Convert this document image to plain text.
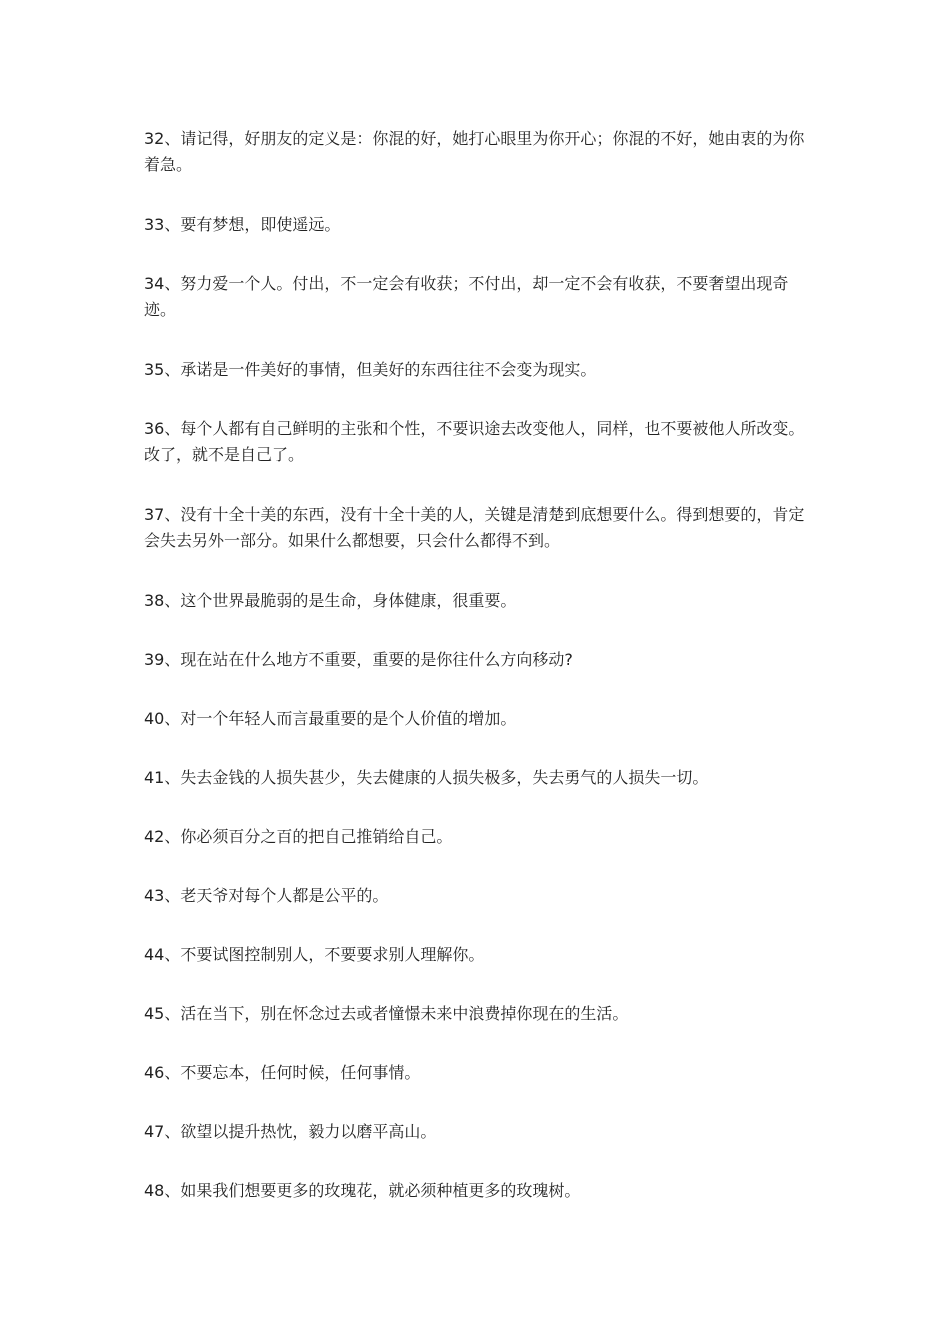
32、请记得，好朋友的定义是：你混的好，她打心眼里为你开心；你混的不好，她由衷的为你着急。
33、要有梦想，即使遥远。
34、努力爱一个人。付出，不一定会有收获；不付出，却一定不会有收获，不要奢望出现奇迹。
35、承诺是一件美好的事情，但美好的东西往往不会变为现实。
36、每个人都有自己鲜明的主张和个性，不要识途去改变他人，同样，也不要被他人所改变。改了，就不是自己了。
37、没有十全十美的东西，没有十全十美的人，关键是清楚到底想要什么。得到想要的，肯定会失去另外一部分。如果什么都想要，只会什么都得不到。
38、这个世界最脆弱的是生命，身体健康，很重要。
39、现在站在什么地方不重要，重要的是你往什么方向移动?
40、对一个年轻人而言最重要的是个人价值的增加。
41、失去金钱的人损失甚少，失去健康的人损失极多，失去勇气的人损失一切。
42、你必须百分之百的把自己推销给自己。
43、老天爷对每个人都是公平的。
44、不要试图控制别人，不要要求别人理解你。
45、活在当下，别在怀念过去或者憧憬未来中浪费掉你现在的生活。
46、不要忘本，任何时候，任何事情。
47、欲望以提升热忱，毅力以磨平高山。
48、如果我们想要更多的玫瑰花，就必须种植更多的玫瑰树。
